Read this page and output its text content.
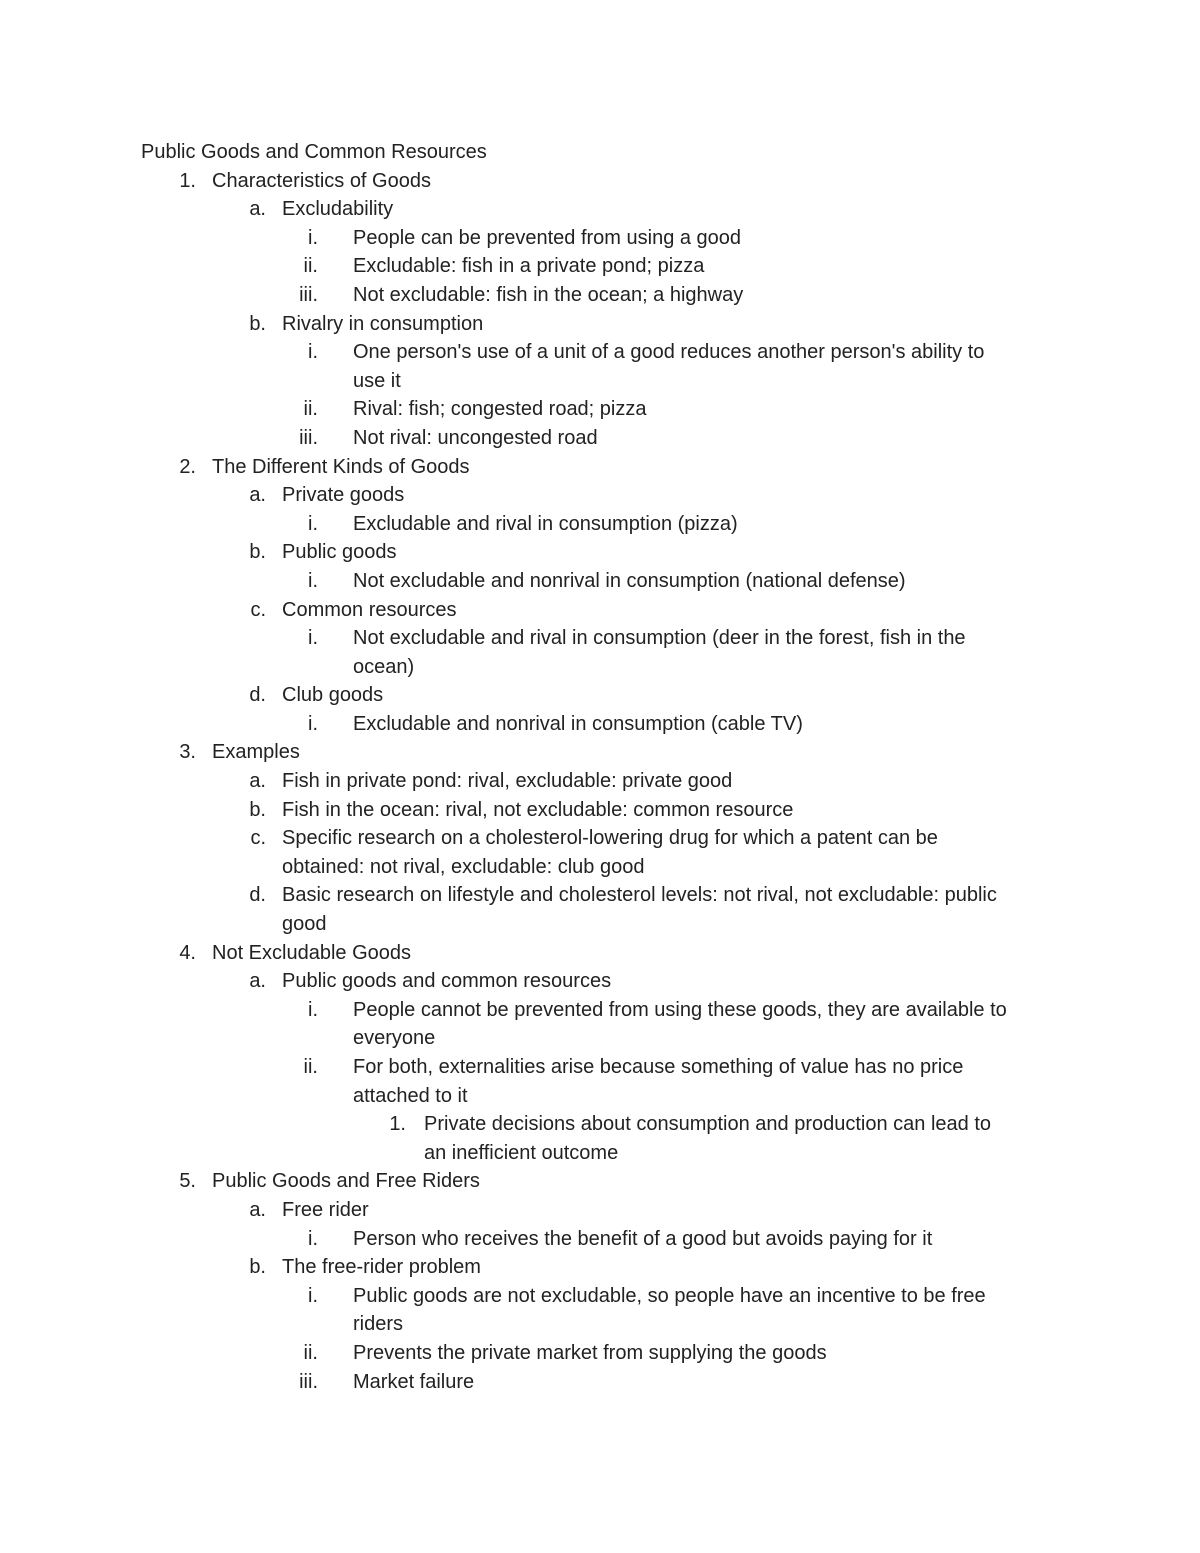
Public Goods and Common Resources
1. Characteristics of Goods
a. Excludability
i. People can be prevented from using a good
ii. Excludable: fish in a private pond; pizza
iii. Not excludable: fish in the ocean; a highway
b. Rivalry in consumption
i. One person's use of a unit of a good reduces another person's ability to
use it
ii. Rival: fish; congested road; pizza
iii. Not rival: uncongested road
2. The Different Kinds of Goods
a. Private goods
i. Excludable and rival in consumption (pizza)
b. Public goods
i. Not excludable and nonrival in consumption (national defense)
c. Common resources
i. Not excludable and rival in consumption (deer in the forest, fish in the
ocean)
d. Club goods
i. Excludable and nonrival in consumption (cable TV)
3. Examples
a. Fish in private pond: rival, excludable: private good
b. Fish in the ocean: rival, not excludable: common resource
c. Specific research on a cholesterol-lowering drug for which a patent can be
obtained: not rival, excludable: club good
d. Basic research on lifestyle and cholesterol levels: not rival, not excludable: public
good
4. Not Excludable Goods
a. Public goods and common resources
i. People cannot be prevented from using these goods, they are available to
everyone
ii. For both, externalities arise because something of value has no price
attached to it
1. Private decisions about consumption and production can lead to
an inefficient outcome
5. Public Goods and Free Riders
a. Free rider
i. Person who receives the benefit of a good but avoids paying for it
b. The free-rider problem
i. Public goods are not excludable, so people have an incentive to be free
riders
ii. Prevents the private market from supplying the goods
iii. Market failure
